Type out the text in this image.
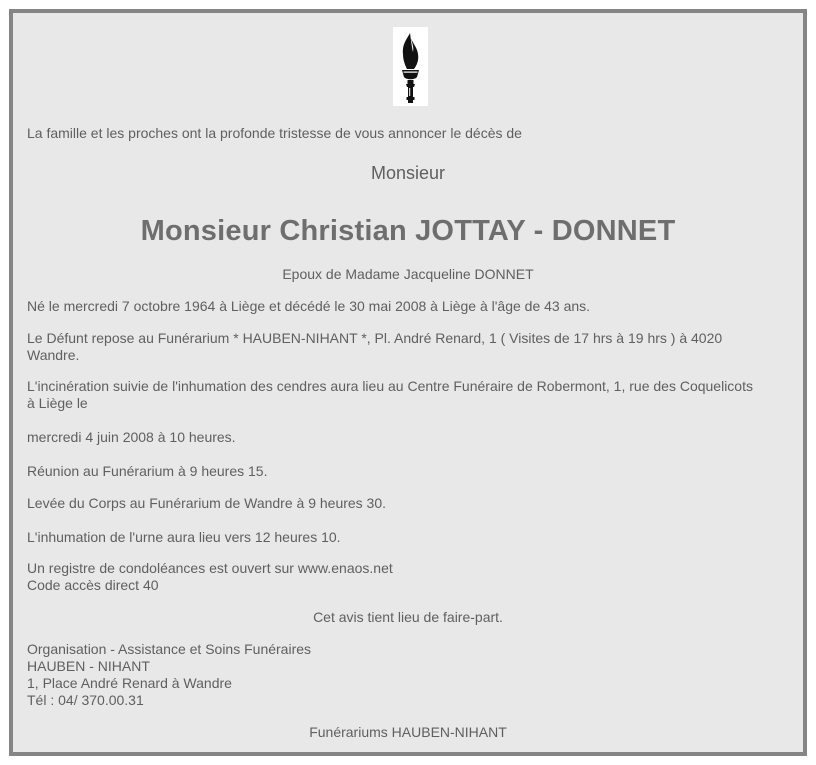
La famille et les proches ont la profonde tristesse de vous annoncer le décès de

Monsieur

Monsieur Christian JOTTAY - DONNET

Epoux de Madame Jacqueline DONNET

Né le mercredi 7 octobre 1964 à Liège et décédé le 30 mai 2008 à Liège à l'âge de 43 ans.

Le Défunt repose au Funérarium * HAUBEN-NIHANT *, Pl. André Renard, 1 ( Visites de 17 hrs à 19 hrs ) à 4020
Wandre.
L'incinération suivie de l'inhumation des cendres aura lieu au Centre Funéraire de Robermont, 1, rue des Coquelicots
à Liège le

mercredi 4 juin 2008 à 10 heures.

Réunion au Funérarium à 9 heures 15.

Levée du Corps au Funérarium de Wandre à 9 heures 30.

L'inhumation de l'urne aura lieu vers 12 heures 10.

Un registre de condoléances est ouvert sur www.enaos.net
Code accès direct 40

Cet avis tient lieu de faire-part.

Organisation - Assistance et Soins Funéraires
HAUBEN - NIHANT
1, Place André Renard à Wandre
Tél : 04/ 370.00.31

Funérariums HAUBEN-NIHANT
